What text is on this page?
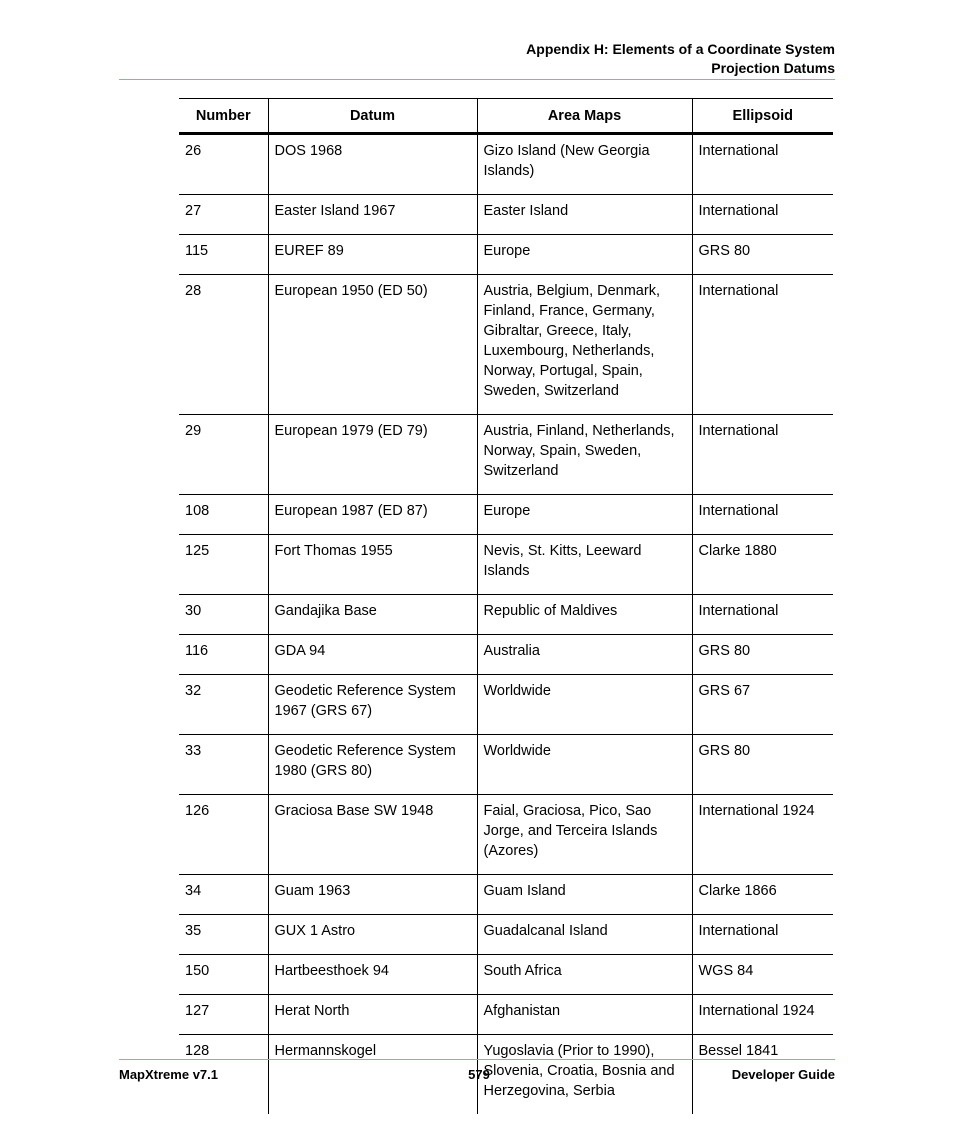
Appendix H: Elements of a Coordinate System
Projection Datums
Number	Datum	Area Maps	Ellipsoid
26	DOS 1968	Gizo Island (New Georgia Islands)	International
27	Easter Island 1967	Easter Island	International
115	EUREF 89	Europe	GRS 80
28	European 1950 (ED 50)	Austria, Belgium, Denmark, Finland, France, Germany, Gibraltar, Greece, Italy, Luxembourg, Netherlands, Norway, Portugal, Spain, Sweden, Switzerland	International
29	European 1979 (ED 79)	Austria, Finland, Netherlands, Norway, Spain, Sweden, Switzerland	International
108	European 1987 (ED 87)	Europe	International
125	Fort Thomas 1955	Nevis, St. Kitts, Leeward Islands	Clarke 1880
30	Gandajika Base	Republic of Maldives	International
116	GDA 94	Australia	GRS 80
32	Geodetic Reference System 1967 (GRS 67)	Worldwide	GRS 67
33	Geodetic Reference System 1980 (GRS 80)	Worldwide	GRS 80
126	Graciosa Base SW 1948	Faial, Graciosa, Pico, Sao Jorge, and Terceira Islands (Azores)	International 1924
34	Guam 1963	Guam Island	Clarke 1866
35	GUX 1 Astro	Guadalcanal Island	International
150	Hartbeesthoek 94	South Africa	WGS 84
127	Herat North	Afghanistan	International 1924
128	Hermannskogel	Yugoslavia (Prior to 1990), Slovenia, Croatia, Bosnia and Herzegovina, Serbia	Bessel 1841
MapXtreme v7.1	579	Developer Guide
